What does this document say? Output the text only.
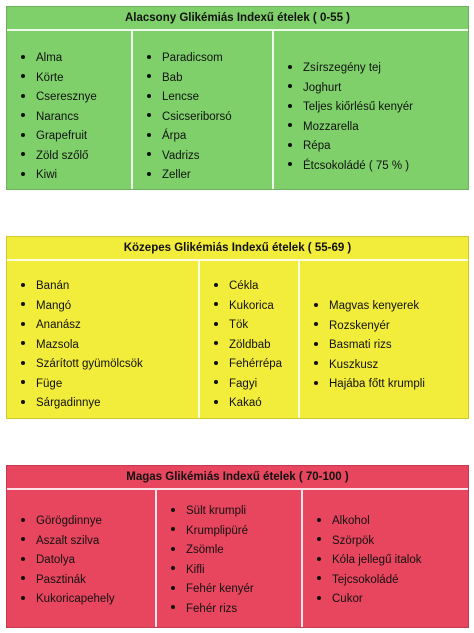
Alacsony Glikémiás Indexű ételek ( 0-55 )
Alma
Körte
Cseresznye
Narancs
Grapefruit
Zöld szőlő
Kiwi
Paradicsom
Bab
Lencse
Csicseriborsó
Árpa
Vadrizs
Zeller
Zsírszegény tej
Joghurt
Teljes kiőrlésű kenyér
Mozzarella
Répa
Étcsokoládé ( 75 % )
Közepes Glikémiás Indexű ételek ( 55-69 )
Banán
Mangó
Ananász
Mazsola
Szárított gyümölcsök
Füge
Sárgadinnye
Cékla
Kukorica
Tök
Zöldbab
Fehérrépa
Fagyi
Kakaó
Magvas kenyerek
Rozskenyér
Basmati rizs
Kuszkusz
Hajába főtt krumpli
Magas Glikémiás Indexű ételek ( 70-100 )
Görögdinnye
Aszalt szilva
Datolya
Pasztinák
Kukoricapehely
Sült krumpli
Krumplipüré
Zsömle
Kifli
Fehér kenyér
Fehér rizs
Alkohol
Szörpök
Kóla jellegű italok
Tejcsokoládé
Cukor
